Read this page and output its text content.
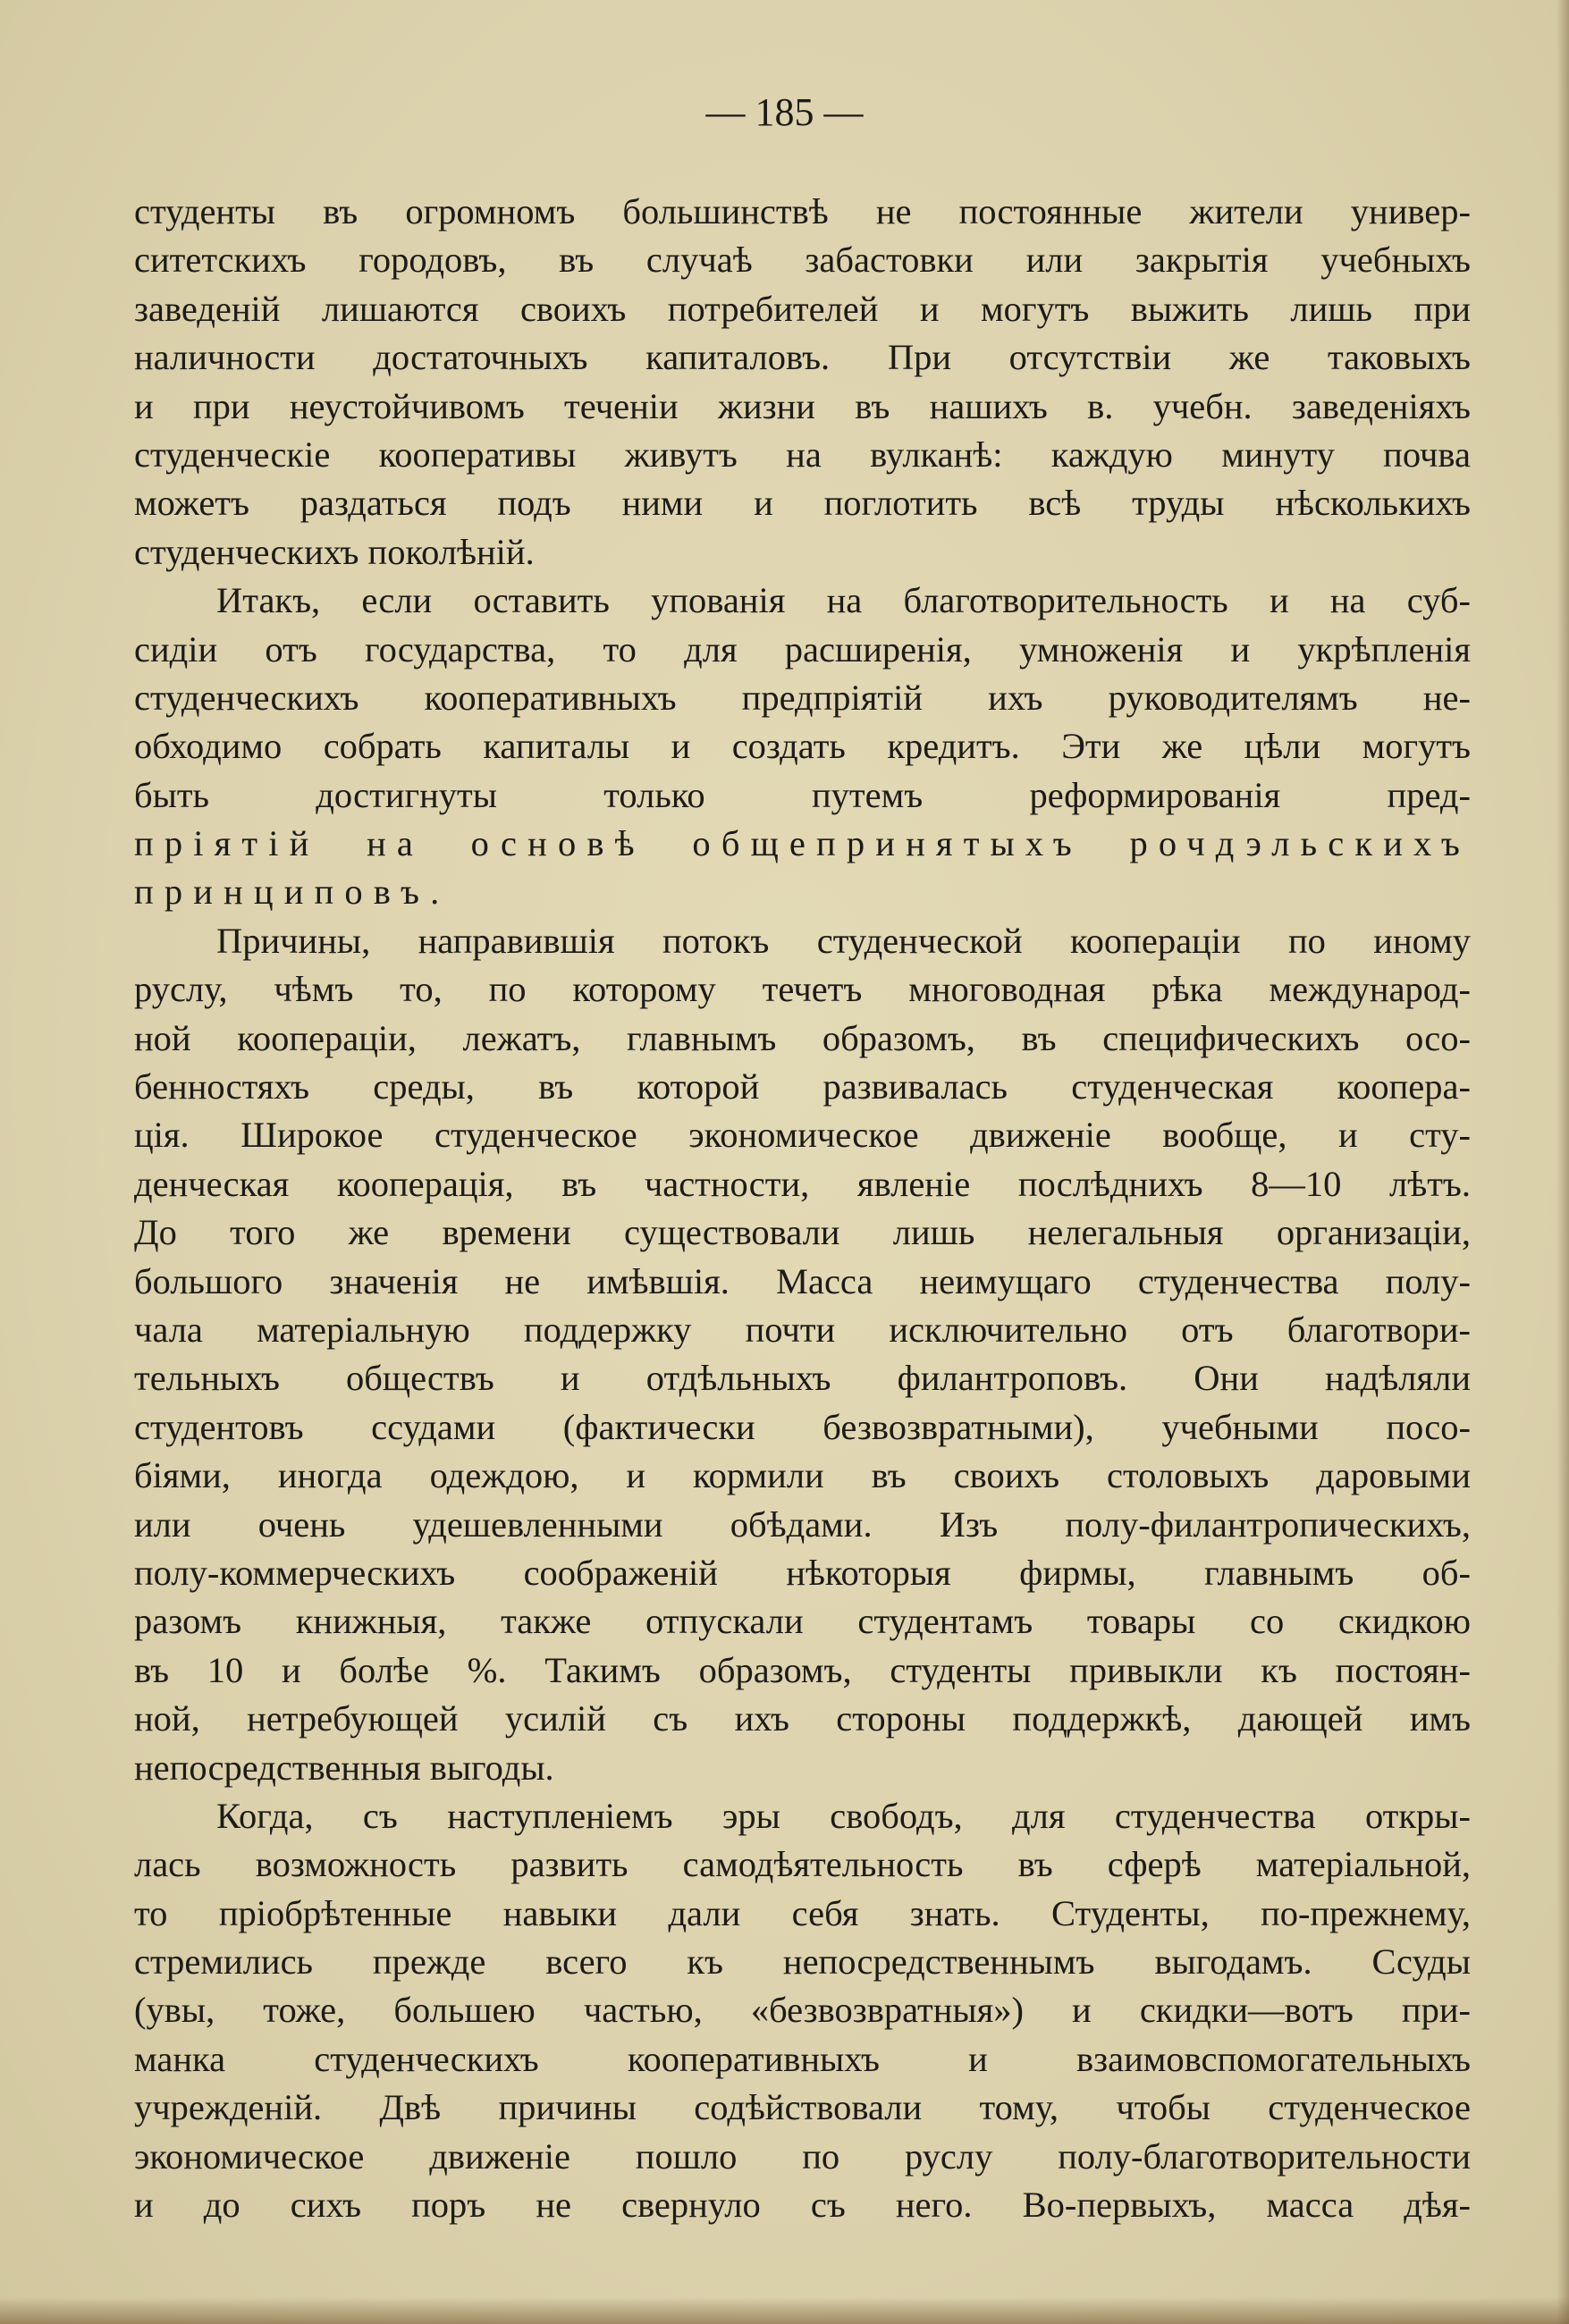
— 185 —
студенты въ огромномъ большинствѣ не постоянные жители универ-
ситетскихъ городовъ, въ случаѣ забастовки или закрытія учебныхъ
заведеній лишаются своихъ потребителей и могутъ выжить лишь при
наличности достаточныхъ капиталовъ. При отсутствіи же таковыхъ
и при неустойчивомъ теченіи жизни въ нашихъ в. учебн. заведеніяхъ
студенческіе кооперативы живутъ на вулканѣ: каждую минуту почва
можетъ раздаться подъ ними и поглотить всѣ труды нѣсколькихъ
студенческихъ поколѣній.
Итакъ, если оставить упованія на благотворительность и на суб-
сидіи отъ государства, то для расширенія, умноженія и укрѣпленія
студенческихъ кооперативныхъ предпріятій ихъ руководителямъ не-
обходимо собрать капиталы и создать кредитъ. Эти же цѣли могутъ
быть достигнуты только путемъ реформированія пред-
пріятій на основѣ общепринятыхъ рочдэльскихъ
принциповъ.
Причины, направившія потокъ студенческой коопераціи по иному
руслу, чѣмъ то, по которому течетъ многоводная рѣка международ-
ной коопераціи, лежатъ, главнымъ образомъ, въ специфическихъ осо-
бенностяхъ среды, въ которой развивалась студенческая коопера-
ція. Широкое студенческое экономическое движеніе вообще, и сту-
денческая кооперація, въ частности, явленіе послѣднихъ 8—10 лѣтъ.
До того же времени существовали лишь нелегальныя организаціи,
большого значенія не имѣвшія. Масса неимущаго студенчества полу-
чала матеріальную поддержку почти исключительно отъ благотвори-
тельныхъ обществъ и отдѣльныхъ филантроповъ. Они надѣляли
студентовъ ссудами (фактически безвозвратными), учебными посо-
біями, иногда одеждою, и кормили въ своихъ столовыхъ даровыми
или очень удешевленными обѣдами. Изъ полу-филантропическихъ,
полу-коммерческихъ соображеній нѣкоторыя фирмы, главнымъ об-
разомъ книжныя, также отпускали студентамъ товары со скидкою
въ 10 и болѣе %. Такимъ образомъ, студенты привыкли къ постоян-
ной, нетребующей усилій съ ихъ стороны поддержкѣ, дающей имъ
непосредственныя выгоды.
Когда, съ наступленіемъ эры свободъ, для студенчества откры-
лась возможность развить самодѣятельность въ сферѣ матеріальной,
то пріобрѣтенные навыки дали себя знать. Студенты, по-прежнему,
стремились прежде всего къ непосредственнымъ выгодамъ. Ссуды
(увы, тоже, большею частью, «безвозвратныя») и скидки—вотъ при-
манка студенческихъ кооперативныхъ и взаимовспомогательныхъ
учрежденій. Двѣ причины содѣйствовали тому, чтобы студенческое
экономическое движеніе пошло по руслу полу-благотворительности
и до сихъ поръ не свернуло съ него. Во-первыхъ, масса дѣя-
